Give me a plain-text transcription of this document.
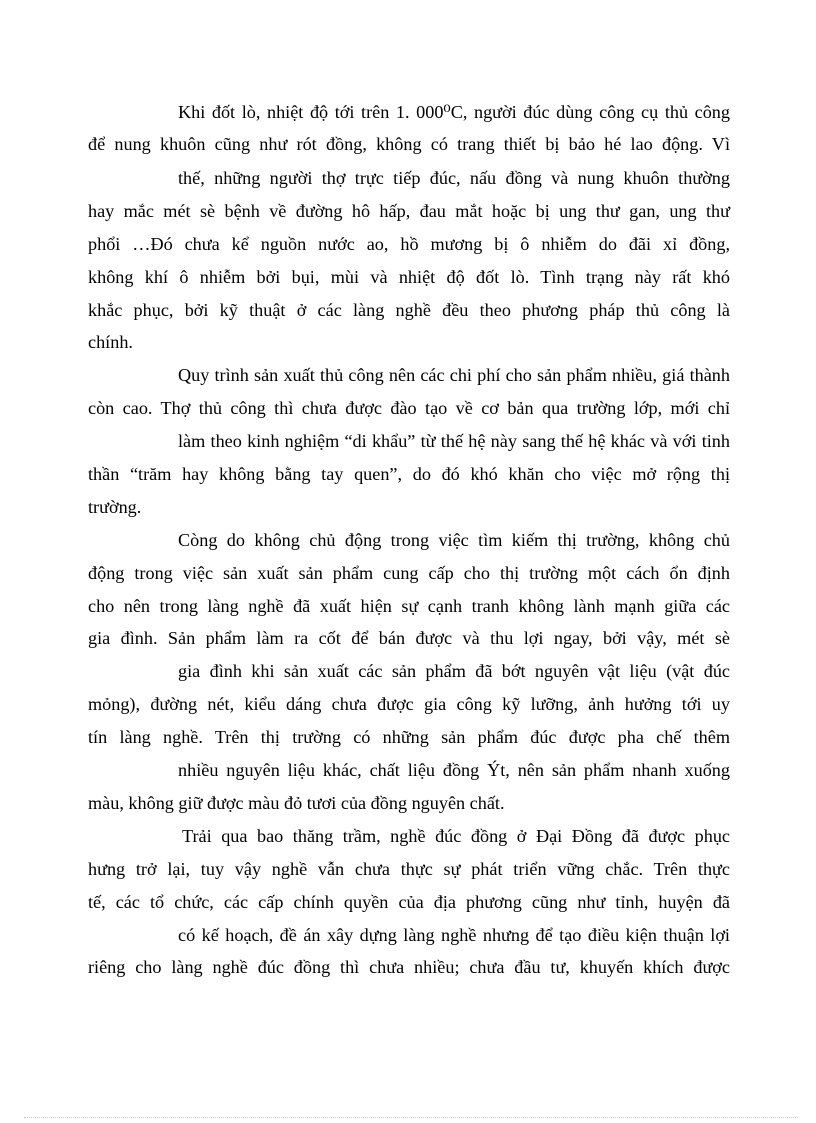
Khi đốt lò, nhiệt độ tới trên 1. 000⁰C, người đúc dùng công cụ thủ công
để nung khuôn cũng như rót đồng, không có trang thiết bị bảo hé lao động. Vì
thế, những người thợ trực tiếp đúc, nấu đồng và nung khuôn thường
hay mắc mét sè bệnh về đường hô hấp, đau mắt hoặc bị ung thư gan, ung thư
phổi …Đó chưa kể nguồn nước ao, hồ mương bị ô nhiễm do đãi xỉ đồng,
không khí ô nhiễm bởi bụi, mùi và nhiệt độ đốt lò. Tình trạng này rất khó
khắc phục, bởi kỹ thuật ở các làng nghề đều theo phương pháp thủ công là
chính.
Quy trình sản xuất thủ công nên các chi phí cho sản phẩm nhiều, giá thành
còn cao. Thợ thủ công thì chưa được đào tạo về cơ bản qua trường lớp, mới chỉ
làm theo kinh nghiệm “di khẩu” từ thế hệ này sang thế hệ khác và với tinh
thần “trăm hay không bằng tay quen”, do đó khó khăn cho việc mở rộng thị
trường.
Còng do không chủ động trong việc tìm kiếm thị trường, không chủ
động trong việc sản xuất sản phẩm cung cấp cho thị trường một cách ổn định
cho nên trong làng nghề đã xuất hiện sự cạnh tranh không lành mạnh giữa các
gia đình. Sản phẩm làm ra cốt để bán được và thu lợi ngay, bởi vậy, mét sè
gia đình khi sản xuất các sản phẩm đã bớt nguyên vật liệu (vật đúc
mỏng), đường nét, kiểu dáng chưa được gia công kỹ lưỡng, ảnh hưởng tới uy
tín làng nghề. Trên thị trường có những sản phẩm đúc được pha chế thêm
nhiều nguyên liệu khác, chất liệu đồng Ýt, nên sản phẩm nhanh xuống
màu, không giữ được màu đỏ tươi của đồng nguyên chất.
Trải qua bao thăng trầm, nghề đúc đồng ở Đại Đồng đã được phục
hưng trở lại, tuy vậy nghề vẫn chưa thực sự phát triển vững chắc. Trên thực
tế, các tổ chức, các cấp chính quyền của địa phương cũng như tỉnh, huyện đã
có kế hoạch, đề án xây dựng làng nghề nhưng để tạo điều kiện thuận lợi
riêng cho làng nghề đúc đồng thì chưa nhiều; chưa đầu tư, khuyến khích được
